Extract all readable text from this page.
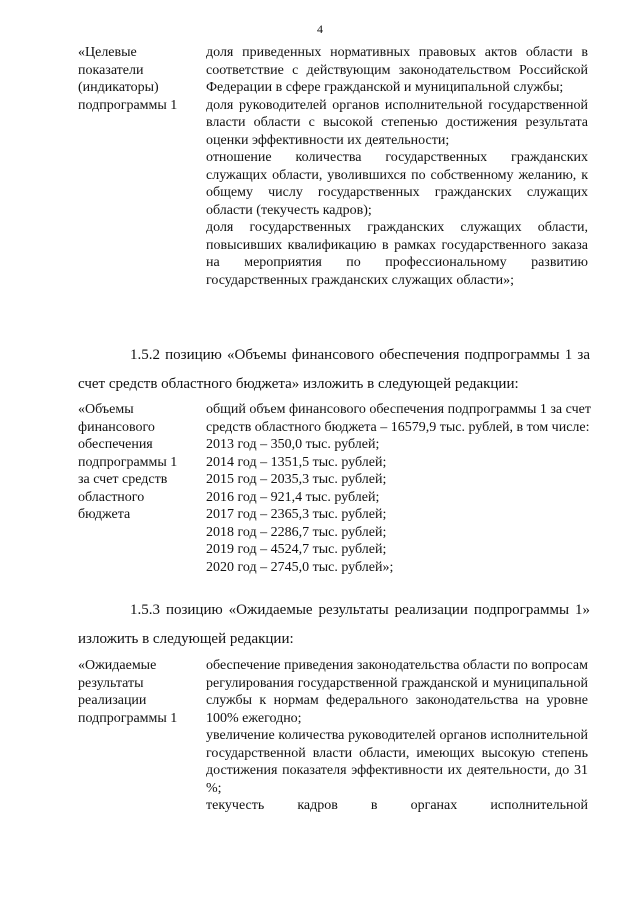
4
«Целевые
показатели
(индикаторы)
подпрограммы 1

доля приведенных нормативных правовых актов области в соответствие с действующим законодательством Российской Федерации в сфере гражданской и муниципальной службы;

доля руководителей органов исполнительной государственной власти области с высокой степенью достижения результата оценки эффективности их деятельности;

отношение количества государственных гражданских служащих области, уволившихся по собственному желанию, к общему числу государственных гражданских служащих области (текучесть кадров);

доля государственных гражданских служащих области, повысивших квалификацию в рамках государственного заказа на мероприятия по профессиональному развитию государственных гражданских служащих области»;

1.5.2 позицию «Объемы финансового обеспечения подпрограммы 1 за счет средств областного бюджета» изложить в следующей редакции:
«Объемы
финансового
обеспечения
подпрограммы 1
за счет средств
областного
бюджета

общий объем финансового обеспечения подпрограммы 1 за счет средств областного бюджета – 16579,9 тыс. рублей, в том числе:

2013 год – 350,0 тыс. рублей;
2014 год – 1351,5 тыс. рублей;
2015 год – 2035,3 тыс. рублей;
2016 год – 921,4 тыс. рублей;
2017 год – 2365,3 тыс. рублей;
2018 год – 2286,7 тыс. рублей;
2019 год – 4524,7 тыс. рублей;
2020 год – 2745,0 тыс. рублей»;
1.5.3 позицию «Ожидаемые результаты реализации подпрограммы 1» изложить в следующей редакции:
«Ожидаемые
результаты
реализации
подпрограммы 1

обеспечение приведения законодательства области по вопросам регулирования государственной гражданской и муниципальной службы к нормам федерального законодательства на уровне 100% ежегодно;

увеличение количества руководителей органов исполнительной государственной власти области, имеющих высокую степень достижения показателя эффективности их деятельности, до 31 %;

текучесть кадров в органах исполнительной
